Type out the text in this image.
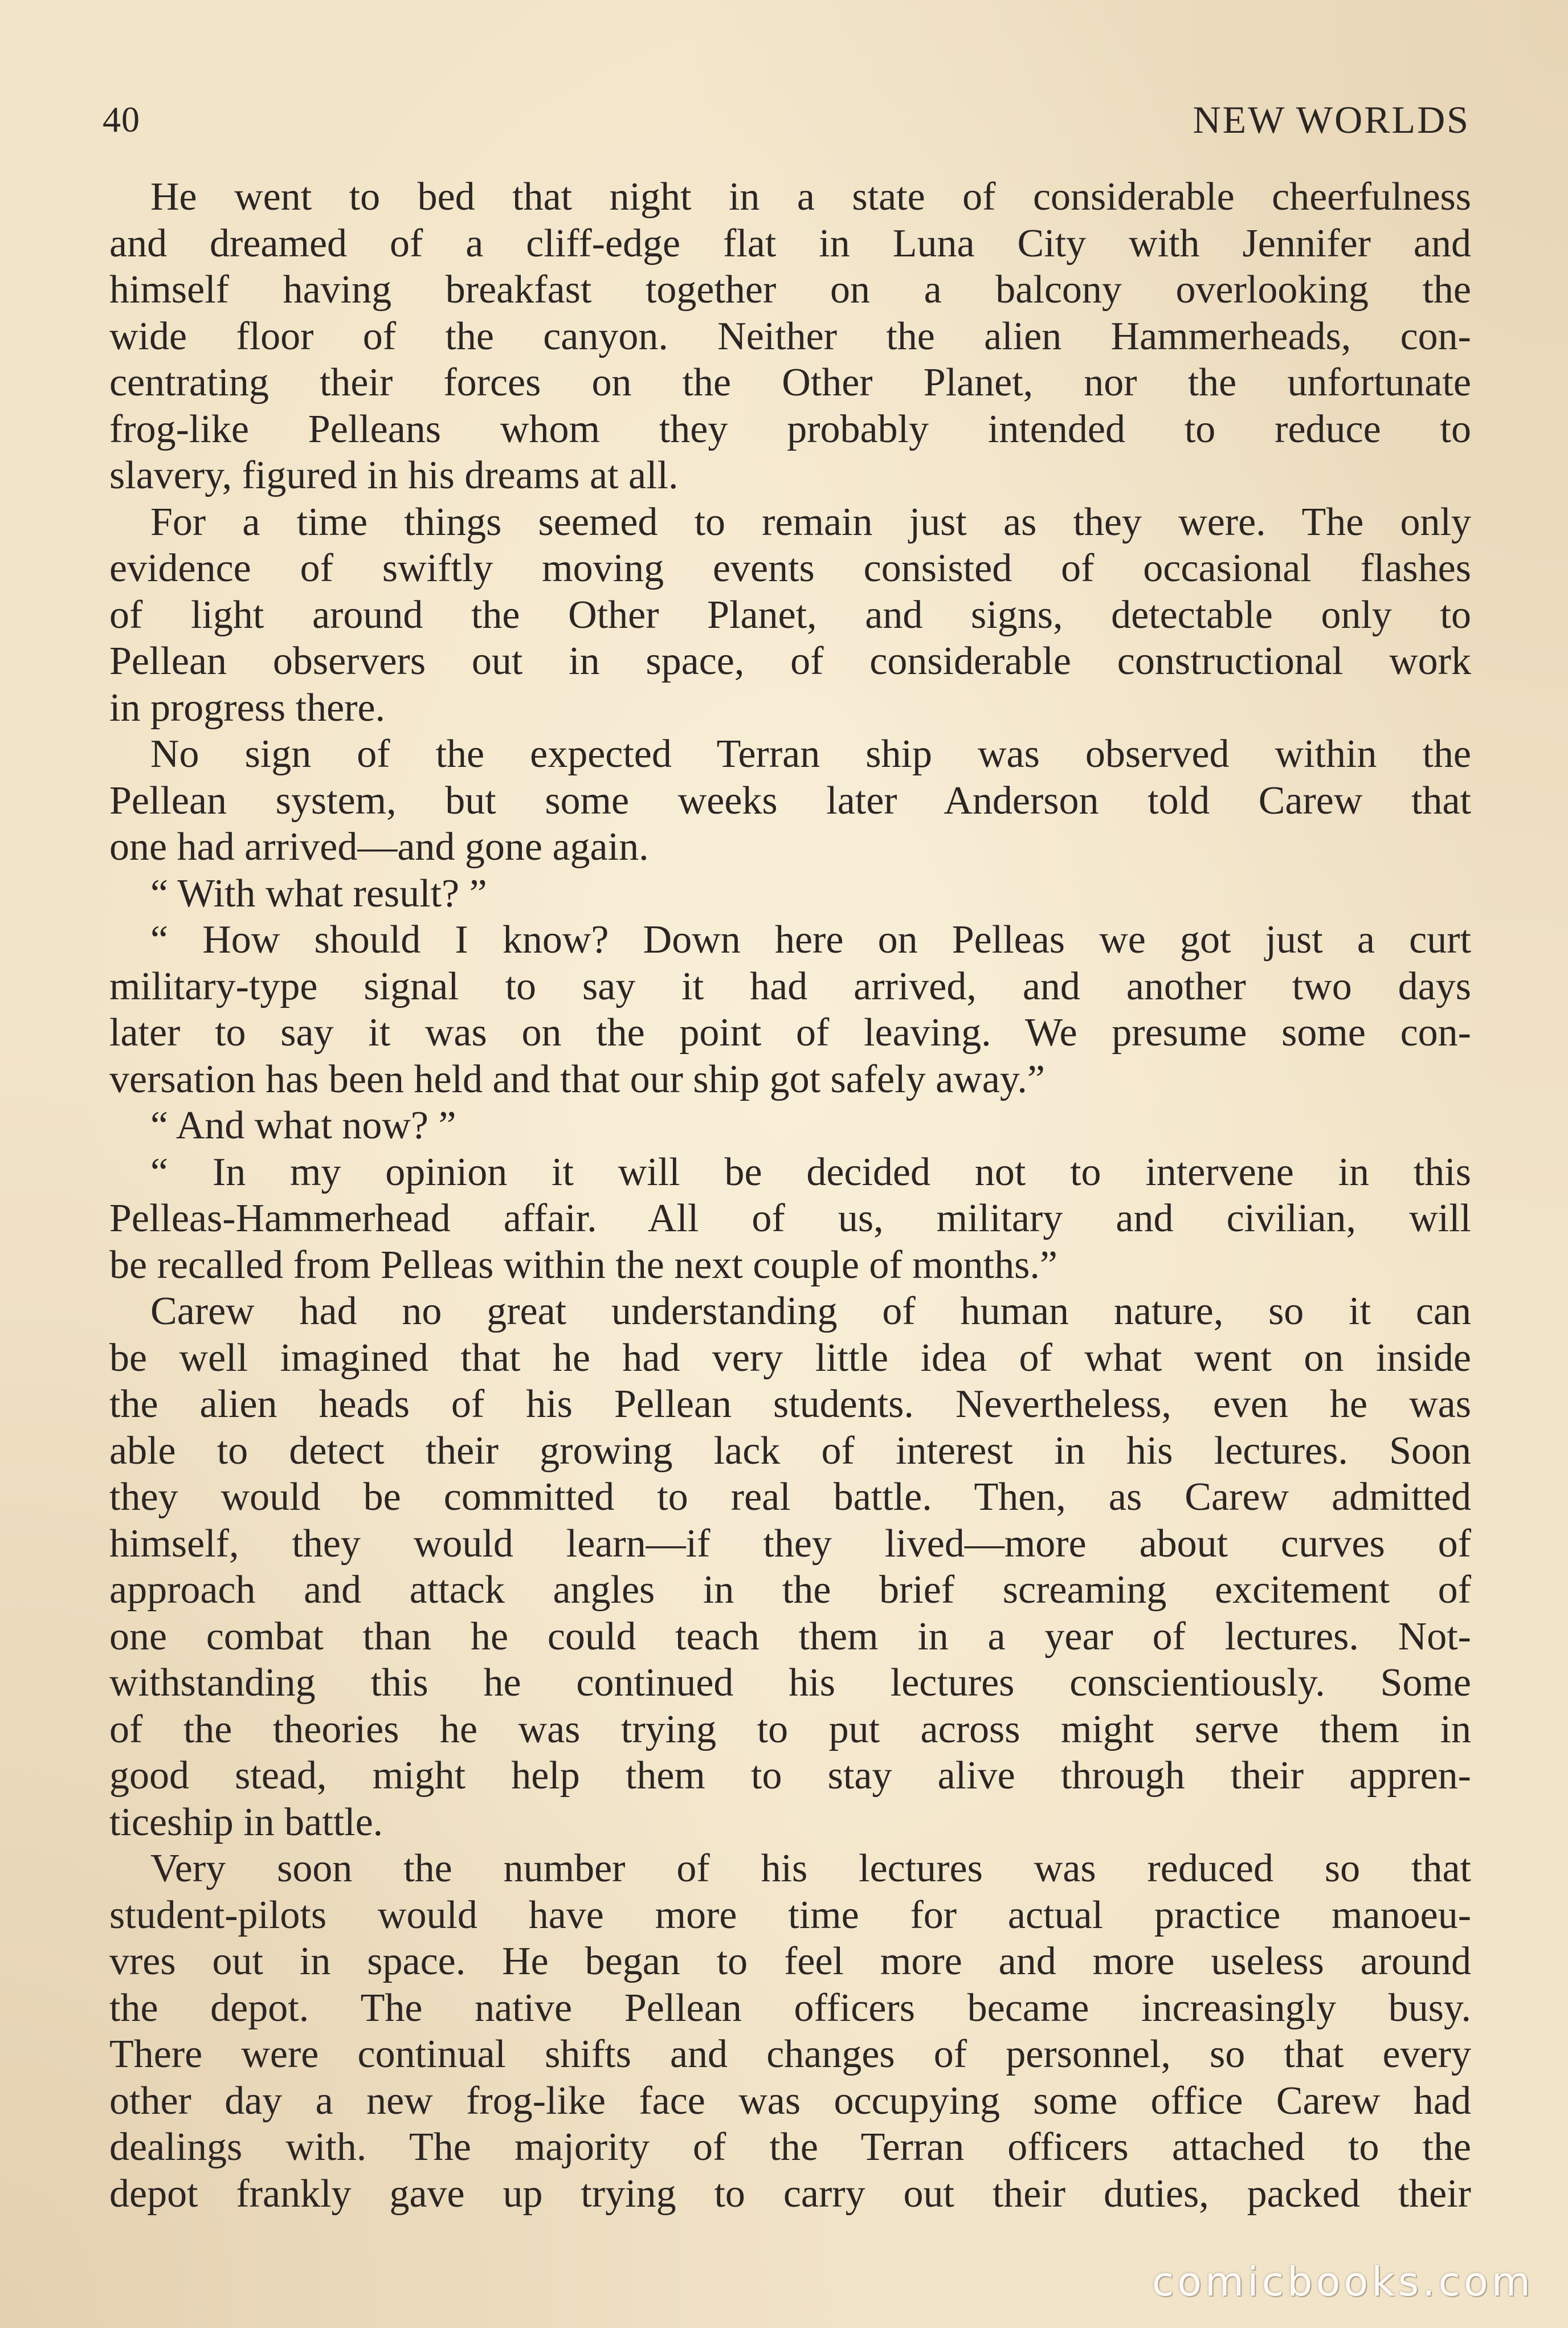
40	NEW WORLDS
He went to bed that night in a state of considerable cheerfulness
and dreamed of a cliff-edge flat in Luna City with Jennifer and
himself having breakfast together on a balcony overlooking the
wide floor of the canyon. Neither the alien Hammerheads, con-
centrating their forces on the Other Planet, nor the unfortunate
frog-like Pelleans whom they probably intended to reduce to
slavery, figured in his dreams at all.
For a time things seemed to remain just as they were. The only
evidence of swiftly moving events consisted of occasional flashes
of light around the Other Planet, and signs, detectable only to
Pellean observers out in space, of considerable constructional work
in progress there.
No sign of the expected Terran ship was observed within the
Pellean system, but some weeks later Anderson told Carew that
one had arrived—and gone again.
“ With what result? ”
“ How should I know? Down here on Pelleas we got just a curt
military-type signal to say it had arrived, and another two days
later to say it was on the point of leaving. We presume some con-
versation has been held and that our ship got safely away.”
“ And what now? ”
“ In my opinion it will be decided not to intervene in this
Pelleas-Hammerhead affair. All of us, military and civilian, will
be recalled from Pelleas within the next couple of months.”
Carew had no great understanding of human nature, so it can
be well imagined that he had very little idea of what went on inside
the alien heads of his Pellean students. Nevertheless, even he was
able to detect their growing lack of interest in his lectures. Soon
they would be committed to real battle. Then, as Carew admitted
himself, they would learn—if they lived—more about curves of
approach and attack angles in the brief screaming excitement of
one combat than he could teach them in a year of lectures. Not-
withstanding this he continued his lectures conscientiously. Some
of the theories he was trying to put across might serve them in
good stead, might help them to stay alive through their appren-
ticeship in battle.
Very soon the number of his lectures was reduced so that
student-pilots would have more time for actual practice manoeu-
vres out in space. He began to feel more and more useless around
the depot. The native Pellean officers became increasingly busy.
There were continual shifts and changes of personnel, so that every
other day a new frog-like face was occupying some office Carew had
dealings with. The majority of the Terran officers attached to the
depot frankly gave up trying to carry out their duties, packed their
comicbooks.com
